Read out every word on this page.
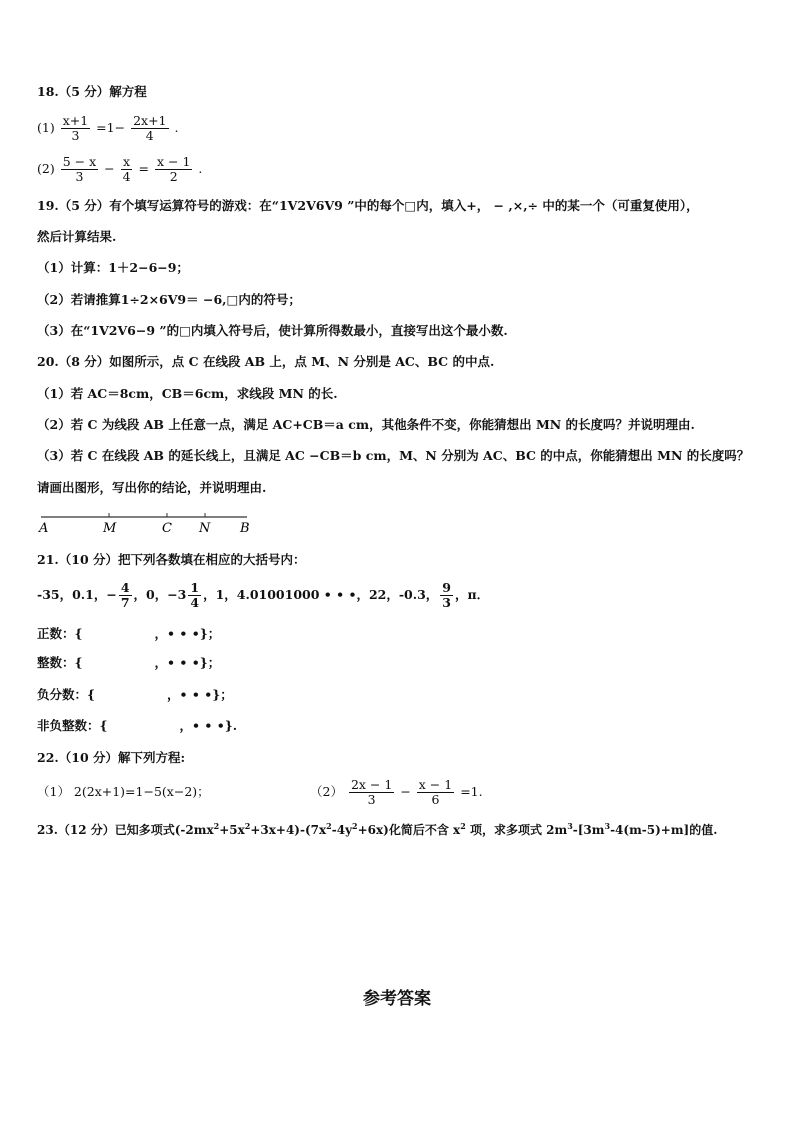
18.（5 分）解方程
$(1) \frac{x+1}{3} =1- \frac{2x+1}{4}$ .
$(2) \frac{5 - x}{3} - \frac{x}{4} = \frac{x - 1}{2}$ .
19.（5 分）有个填写运算符号的游戏：在“1V2V6V9 ”中的每个□内，填入+， − ,×,÷ 中的某一个（可重复使用），
然后计算结果.
（1）计算：1＋2−6−9；
（2）若请推算1÷2×6V9＝ −6,□内的符号；
（3）在“1V2V6−9 ”的□内填入符号后，使计算所得数最小，直接写出这个最小数.
20.（8 分）如图所示，点 C 在线段 AB 上，点 M、N 分别是 AC、BC 的中点.
（1）若 AC＝8cm，CB＝6cm，求线段 MN 的长.
（2）若 C 为线段 AB 上任意一点，满足 AC+CB＝a cm，其他条件不变，你能猜想出 MN 的长度吗？并说明理由.
（3）若 C 在线段 AB 的延长线上，且满足 AC −CB＝b cm，M、N 分别为 AC、BC 的中点，你能猜想出 MN 的长度吗？
请画出图形，写出你的结论，并说明理由.
A	M	C N B
21.（10 分）把下列各数填在相应的大括号内：
-35，0.1，− $\frac{4}{7}$ ，0，$-3 \frac{1}{4}$ ，1，4.01001000 • • •，22，-0.3， $\frac{9}{3}$ ，π．
正数：{	，• • •}；
整数：{	，• • •}；
负分数：{	，• • •}；
非负整数：{	，• • •}.
22.（10 分）解下列方程:
（1） 2(2x+1)=1−5(x−2)；	$(2) \frac{2x - 1}{3} - \frac{x - 1}{6} =1$.
23.（12 分）已知多项式$(-2mx^2+5x^2+3x+4)-(7x^2-4y^2+6x)$化简后不含 $x^2$ 项，求多项式 $2m^3-[3m^3-4(m-5)+m]$的值.
参考答案
